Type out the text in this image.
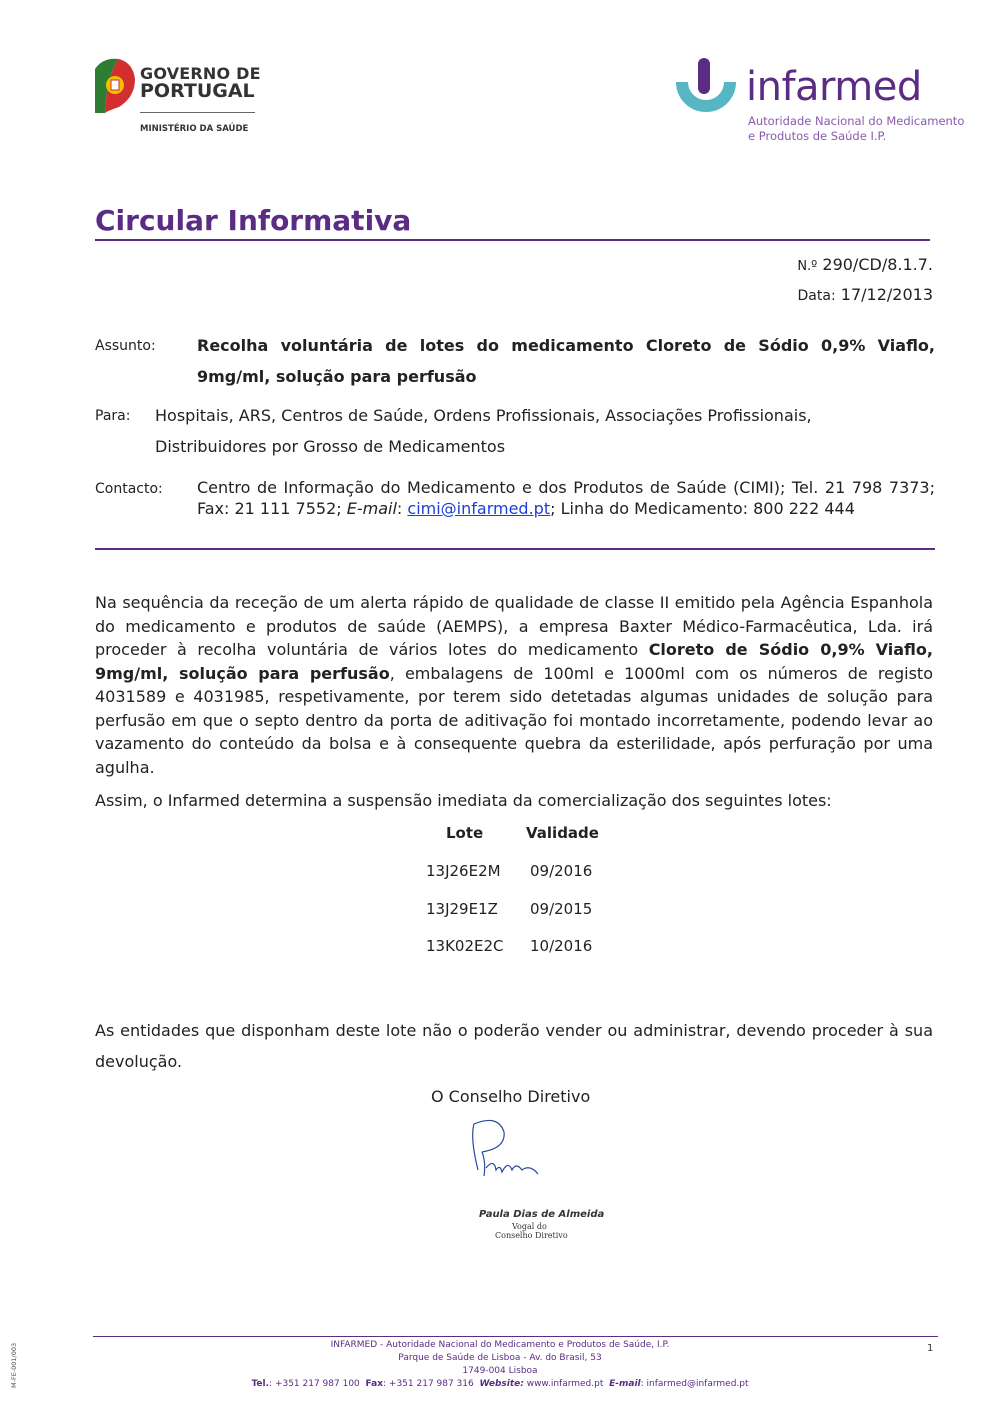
GOVERNO DE
PORTUGAL
MINISTÉRIO DA SAÚDE
infarmed
Autoridade Nacional do Medicamento
e Produtos de Saúde I.P.
Circular Informativa
N.º 290/CD/8.1.7.
Data: 17/12/2013
Assunto:	Recolha voluntária de lotes do medicamento Cloreto de Sódio 0,9% Viaflo,
9mg/ml, solução para perfusão
Para: Hospitais, ARS, Centros de Saúde, Ordens Profissionais, Associações Profissionais,
Distribuidores por Grosso de Medicamentos
Contacto: Centro de Informação do Medicamento e dos Produtos de Saúde (CIMI); Tel. 21 798 7373; Fax: 21 111 7552; E-mail: cimi@infarmed.pt; Linha do Medicamento: 800 222 444
Na sequência da receção de um alerta rápido de qualidade de classe II emitido pela Agência Espanhola do medicamento e produtos de saúde (AEMPS), a empresa Baxter Médico-Farmacêutica, Lda. irá proceder à recolha voluntária de vários lotes do medicamento Cloreto de Sódio 0,9% Viaflo, 9mg/ml, solução para perfusão, embalagens de 100ml e 1000ml com os números de registo 4031589 e 4031985, respetivamente, por terem sido detetadas algumas unidades de solução para perfusão em que o septo dentro da porta de aditivação foi montado incorretamente, podendo levar ao vazamento do conteúdo da bolsa e à consequente quebra da esterilidade, após perfuração por uma agulha.
Assim, o Infarmed determina a suspensão imediata da comercialização dos seguintes lotes:
Lote	Validade
13J26E2M 09/2016
13J29E1Z 09/2015
13K02E2C 10/2016
As entidades que disponham deste lote não o poderão vender ou administrar, devendo proceder à sua devolução.
O Conselho Diretivo
Paula Dias de Almeida
Vogal do
Conselho Diretivo
INFARMED - Autoridade Nacional do Medicamento e Produtos de Saúde, I.P.
Parque de Saúde de Lisboa - Av. do Brasil, 53
1749-004 Lisboa
Tel.: +351 217 987 100 Fax: +351 217 987 316 Website: www.infarmed.pt E-mail: infarmed@infarmed.pt
1
M-FE-001/003
